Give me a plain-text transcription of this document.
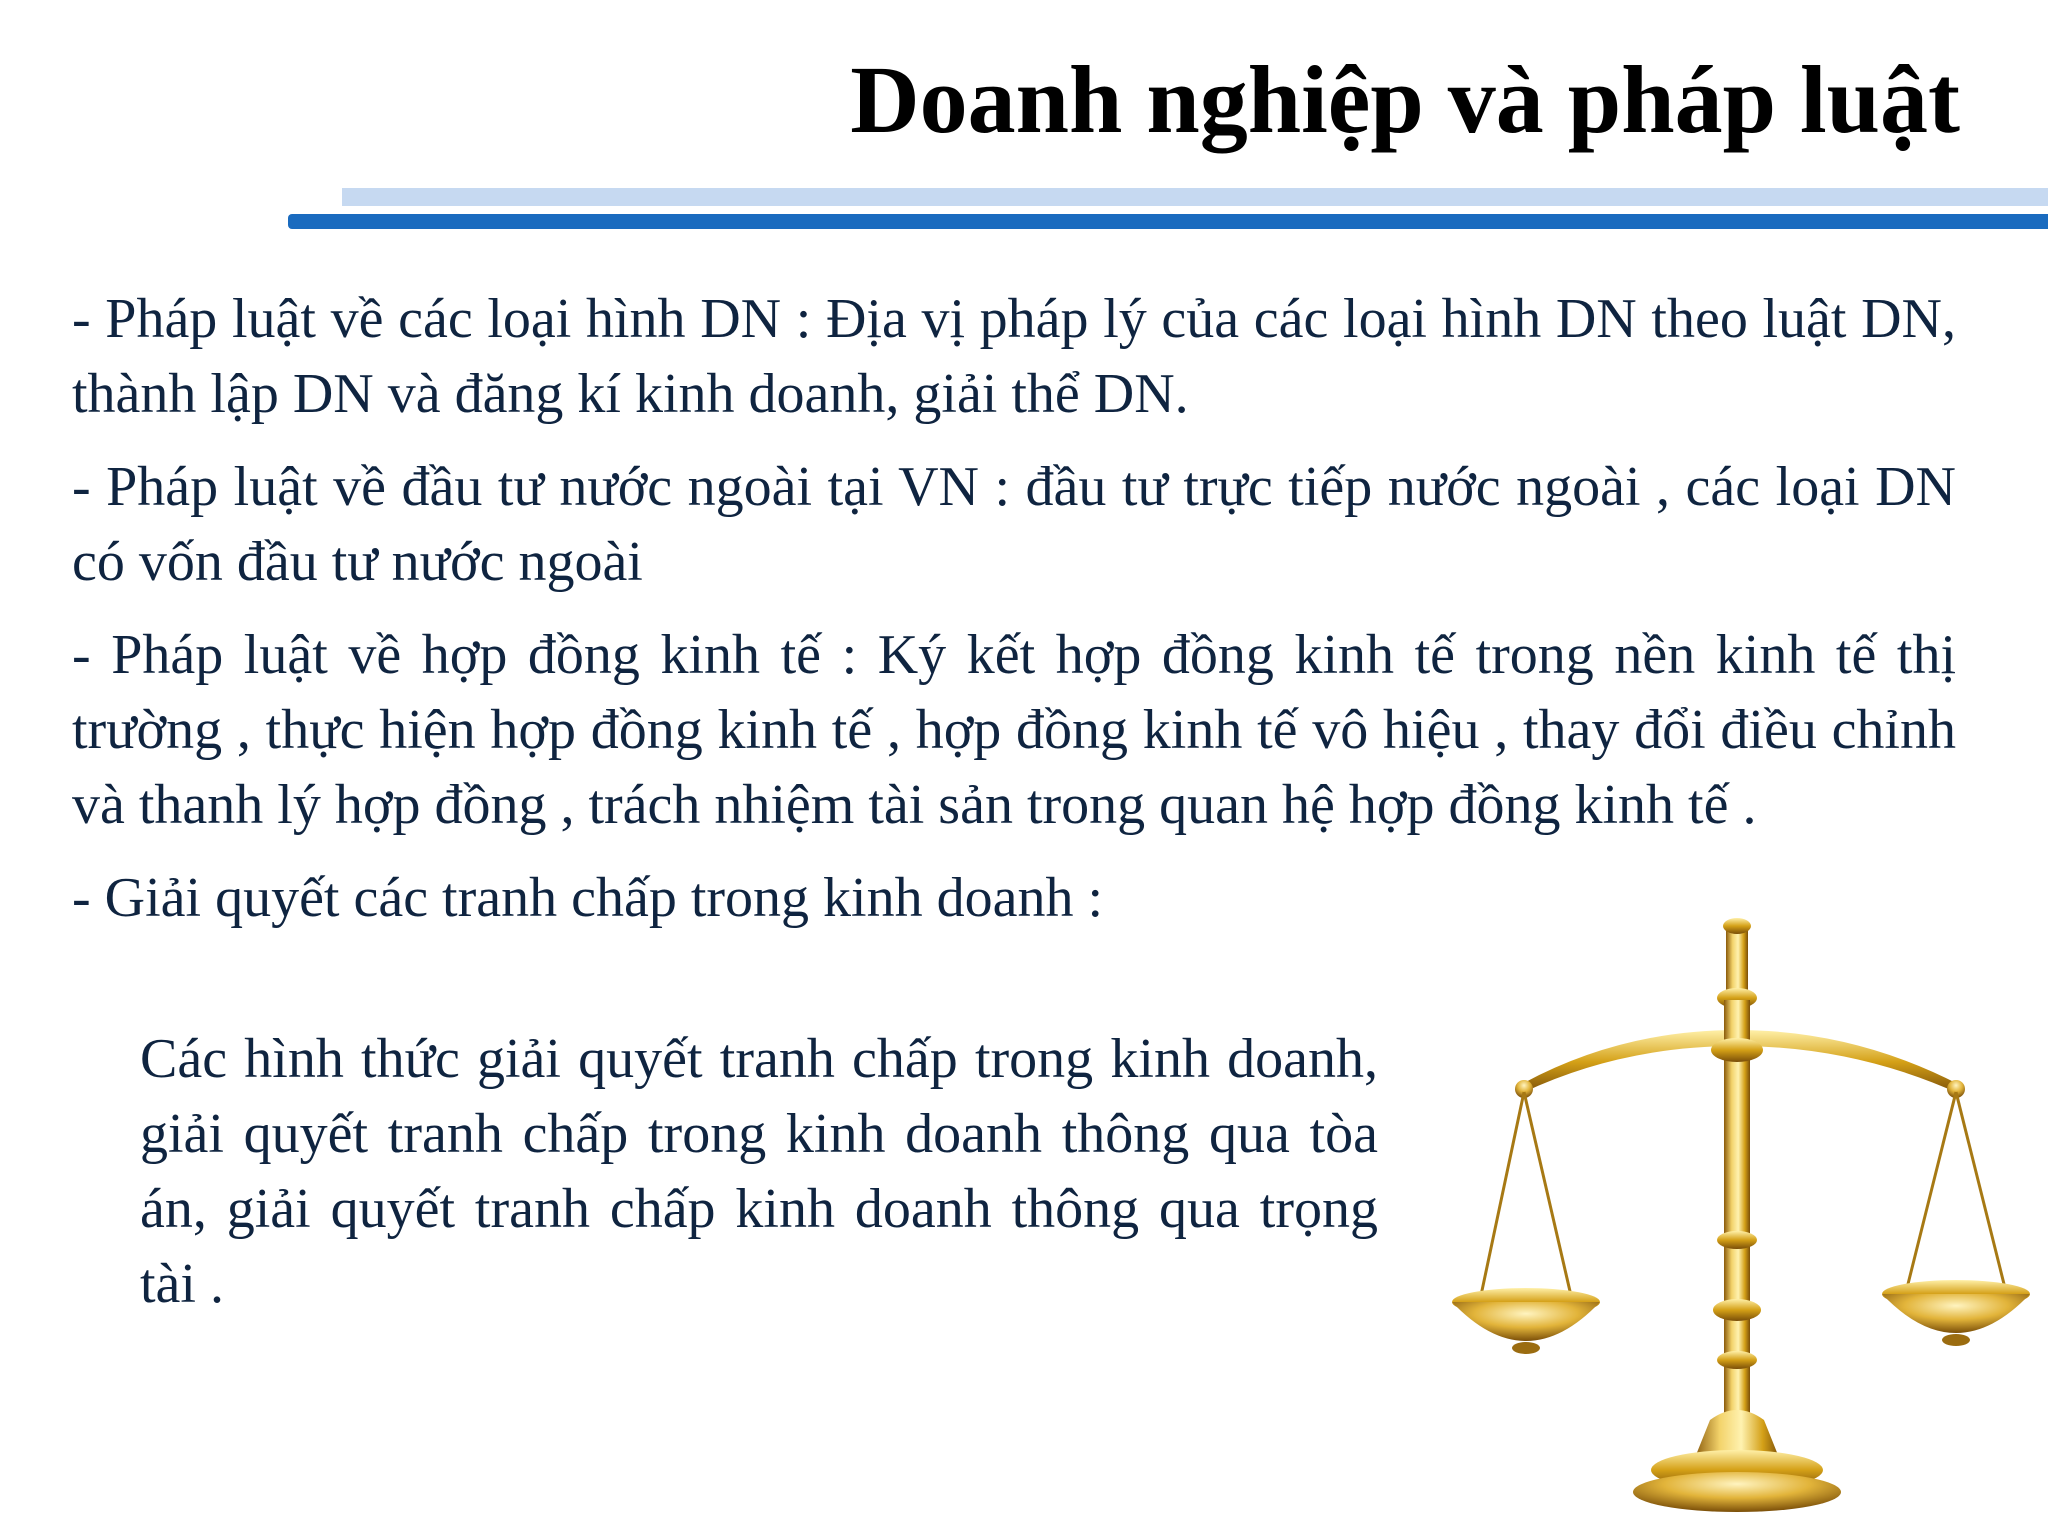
Doanh nghiệp và pháp luật

- Pháp luật về các loại hình DN : Địa vị pháp lý của các loại hình DN theo luật DN, thành lập DN và đăng kí kinh doanh, giải thể DN.

- Pháp luật về đầu tư nước ngoài tại VN : đầu tư trực tiếp nước ngoài , các loại DN có vốn đầu tư nước ngoài

- Pháp luật về hợp đồng kinh tế : Ký kết hợp đồng kinh tế trong nền kinh tế thị trường , thực hiện hợp đồng kinh tế , hợp đồng kinh tế vô hiệu , thay đổi điều chỉnh và thanh lý hợp đồng , trách nhiệm tài sản trong quan hệ hợp đồng kinh tế .

- Giải quyết các tranh chấp trong kinh doanh :

Các hình thức giải quyết tranh chấp trong kinh doanh, giải quyết tranh chấp trong kinh doanh thông qua tòa án, giải quyết tranh chấp kinh doanh thông qua trọng tài .
